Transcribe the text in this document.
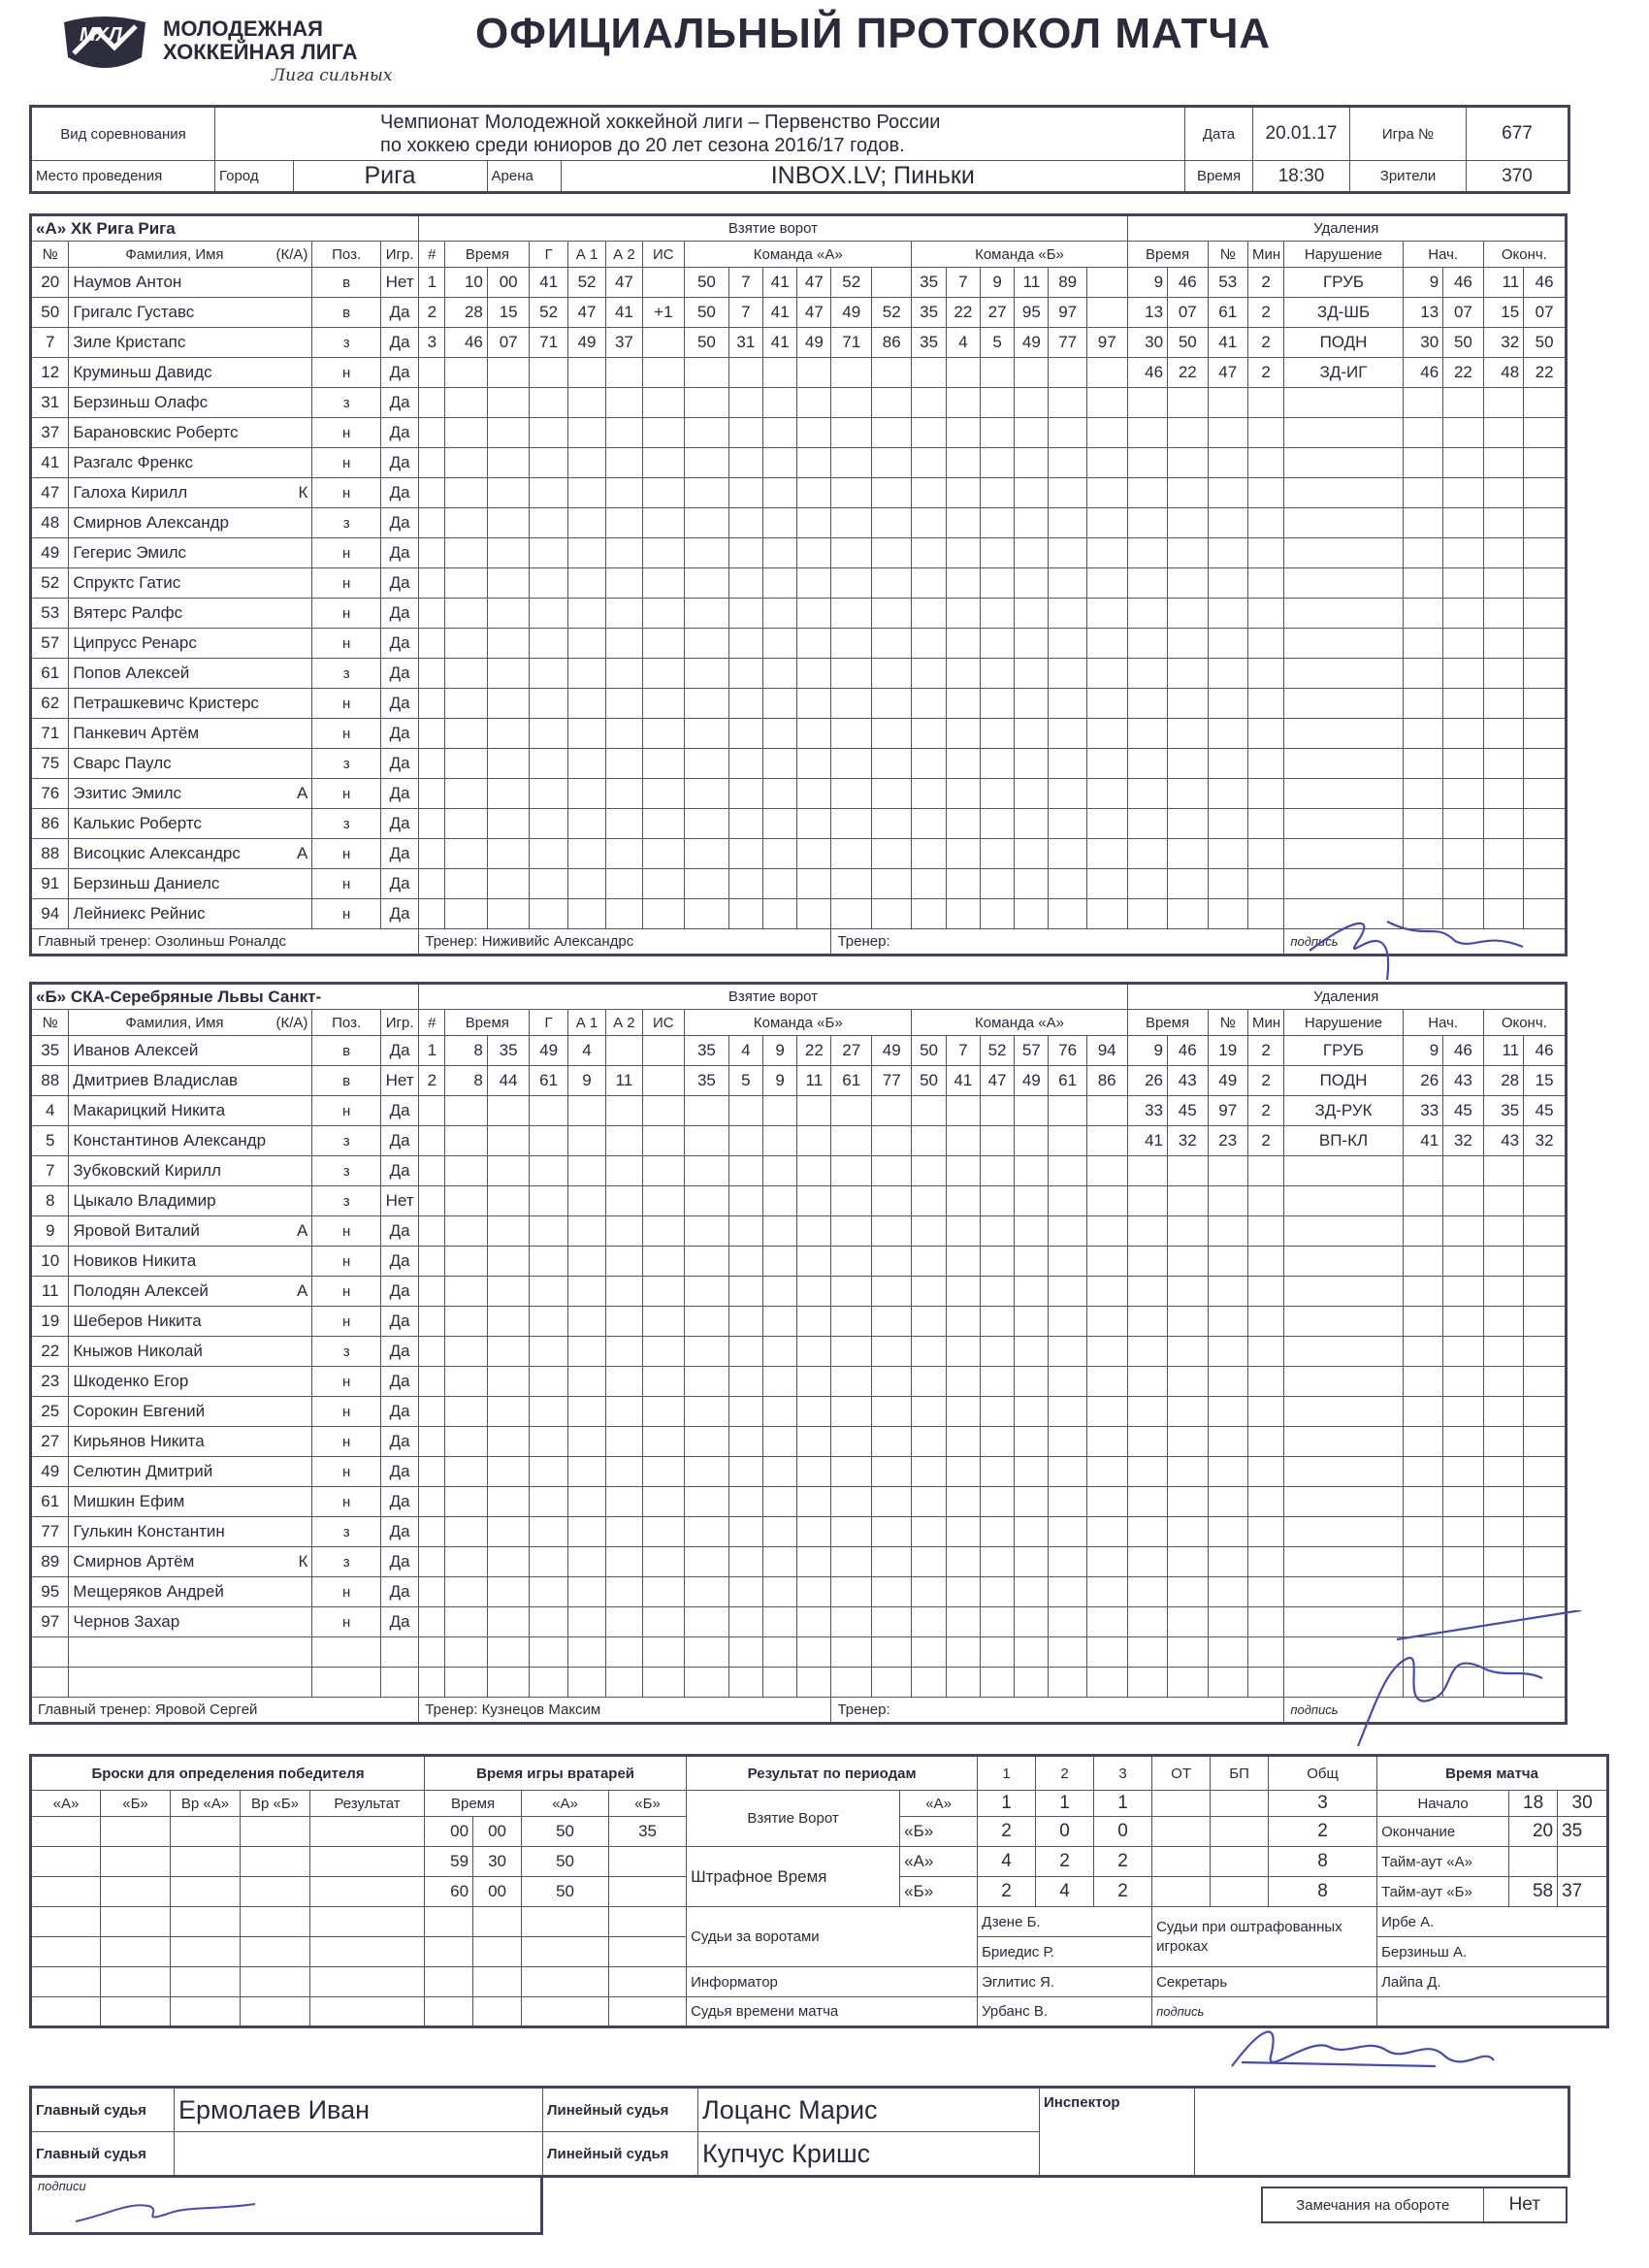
МХЛ МОЛОДЕЖНАЯ
ХОККЕЙНАЯ ЛИГА
Лига сильных
ОФИЦИАЛЬНЫЙ ПРОТОКОЛ МАТЧА
Вид соревнования	
Чемпионат Молодежной хоккейной лиги – Первенство России
по хоккею среди юниоров до 20 лет сезона 2016/17 годов.
	Дата	20.01.17	Игра №	677
Место проведения		Город	Рига	Арена	INBOX.LV; Пиньки
		Время	18:30	Зрители	370
«А» ХК Рига Рига				Взятие ворот																			Удаления								
№	Фамилия, Имя (К/А)	Поз.	Игр.	#	Время		Г	А 1	А 2	ИС	Команда «А»						Команда «Б»						Время		№	Мин	Нарушение	Нач.		Оконч.	
20	Наумов Антон	в	Нет	1	10	00	41	52	47		50	7	41	47	52		35	7	9	11	89		9	46	53	2	ГРУБ	9	46	11	46
50	Григалс Густавс	в	Да	2	28	15	52	47	41	+1	50	7	41	47	49	52	35	22	27	95	97		13	07	61	2	ЗД-ШБ	13	07	15	07
7	Зиле Кристапс	з	Да	3	46	07	71	49	37		50	31	41	49	71	86	35	4	5	49	77	97	30	50	41	2	ПОДН	30	50	32	50
12	Круминьш Давидс	н	Да																				46	22	47	2	ЗД-ИГ	46	22	48	22
31	Берзиньш Олафс	з	Да																												
37	Барановскис Робертс	н	Да																												
41	Разгалс Френкс	н	Да																												
47	Галоха Кирилл К	н	Да																												
48	Смирнов Александр	з	Да																												
49	Гегерис Эмилс	н	Да																												
52	Спруктс Гатис	н	Да																												
53	Вятерс Ралфс	н	Да																												
57	Ципрусс Ренарс	н	Да																												
61	Попов Алексей	з	Да																												
62	Петрашкевичс Кристерс	н	Да																												
71	Панкевич Артём	н	Да																												
75	Сварс Паулс	з	Да																												
76	Эзитис Эмилс А	н	Да																												
86	Калькис Робертс	з	Да																												
88	Висоцкис Александрс А	н	Да																												
91	Берзиньш Даниелс	н	Да																												
94	Лейниекс Рейнис	н	Да																												
Главный тренер: Озолиньш Роналдс				Тренер: Ниживийс Александрс											Тренер:												подпись				
«Б» СКА-Серебряные Львы Санкт-				Взятие ворот																			Удаления								
№	Фамилия, Имя (К/А)	Поз.	Игр.	#	Время		Г	А 1	А 2	ИС	Команда «Б»						Команда «А»						Время		№	Мин	Нарушение	Нач.		Оконч.	
35	Иванов Алексей	в	Да	1	8	35	49	4			35	4	9	22	27	49	50	7	52	57	76	94	9	46	19	2	ГРУБ	9	46	11	46
88	Дмитриев Владислав	в	Нет	2	8	44	61	9	11		35	5	9	11	61	77	50	41	47	49	61	86	26	43	49	2	ПОДН	26	43	28	15
4	Макарицкий Никита	н	Да																				33	45	97	2	ЗД-РУК	33	45	35	45
5	Константинов Александр	з	Да																				41	32	23	2	ВП-КЛ	41	32	43	32
7	Зубковский Кирилл	з	Да																												
8	Цыкало Владимир	з	Нет																												
9	Яровой Виталий А	н	Да																												
10	Новиков Никита	н	Да																												
11	Полодян Алексей А	н	Да																												
19	Шеберов Никита	н	Да																												
22	Кныжов Николай	з	Да																												
23	Шкоденко Егор	н	Да																												
25	Сорокин Евгений	н	Да																												
27	Кирьянов Никита	н	Да																												
49	Селютин Дмитрий	н	Да																												
61	Мишкин Ефим	н	Да																												
77	Гулькин Константин	з	Да																												
89	Смирнов Артём К	з	Да																												
95	Мещеряков Андрей	н	Да																												
97	Чернов Захар	н	Да																												

Главный тренер: Яровой Сергей				Тренер: Кузнецов Максим											Тренер:												подпись				
Броски для определения победителя					Время игры вратарей				Результат по периодам		1	2	3	ОТ	БП	Общ	Время матча		
«А»	«Б»	Вр «А»	Вр «Б»	Результат	Время		«А»	«Б»	Взятие Ворот	«А»	1	1	1			3	Начало	18	30
					00	00	50	35		«Б»	2	0	0			2	Окончание	20	35
					59	30	50		Штрафное Время	«А»	4	2	2			8	Тайм-аут «А»		
					60	00	50			«Б»	2	4	2			8	Тайм-аут «Б»	58	37
									Судьи за воротами		Дзене Б.			Судьи при оштрафованных игроках			Ирбе А.		
											Бриедис Р.						Берзиньш А.		
									Информатор		Эглитис Я.			Секретарь			Лайпа Д.		
									Судья времени матча		Урбанс В.			подпись					
Главный судья	Ермолаев Иван	Линейный судья	Лоцанс Марис	Инспектор	
Главный судья		Линейный судья	Купчус Кришс		
подписи
Замечания на обороте	Нет
